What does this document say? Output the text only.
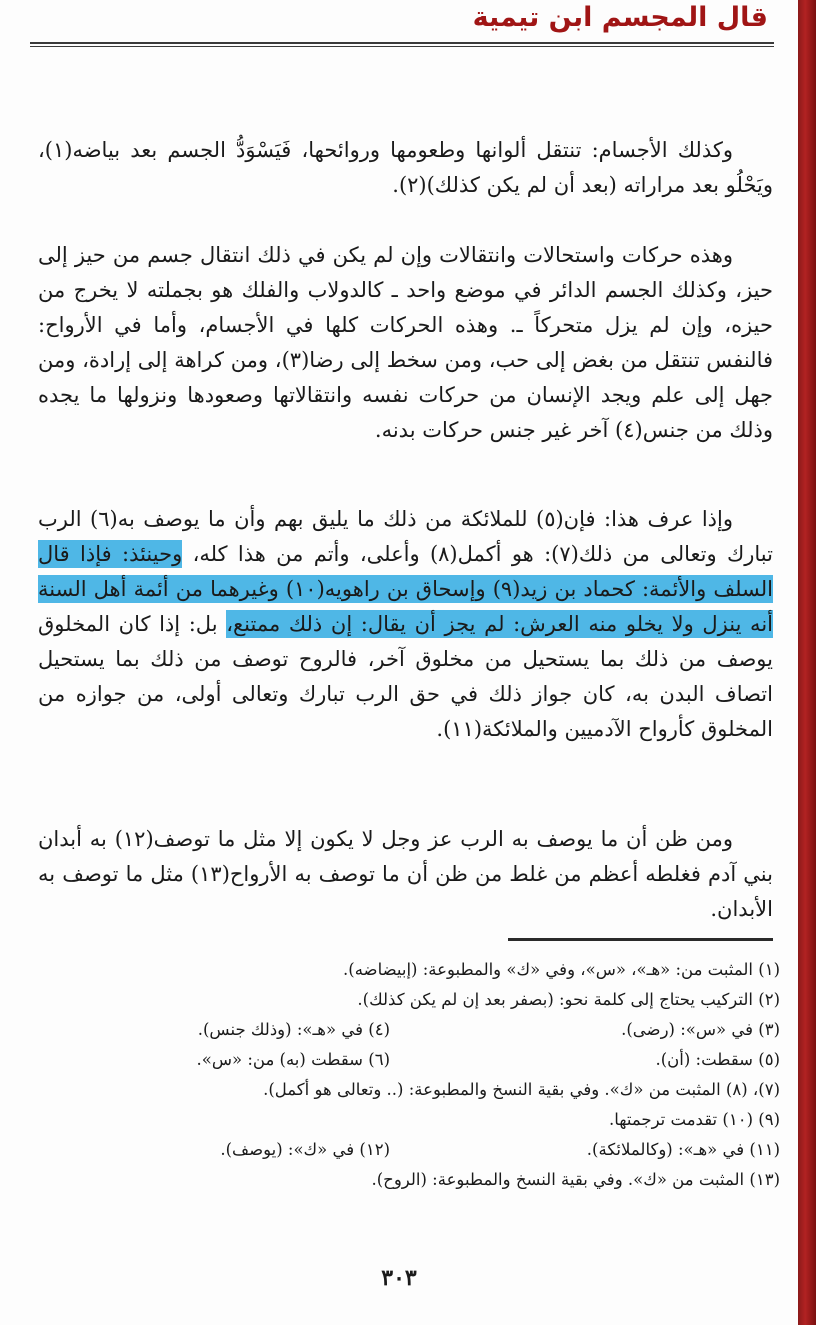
قال المجسم ابن تيمية

وكذلك الأجسام: تنتقل ألوانها وطعومها وروائحها، فَيَسْوَدُّ الجسم بعد بياضه(١)، ويَحْلُو بعد مراراته (بعد أن لم يكن كذلك)(٢).

وهذه حركات واستحالات وانتقالات وإن لم يكن في ذلك انتقال جسم من حيز إلى حيز، وكذلك الجسم الدائر في موضع واحد ـ كالدولاب والفلك هو بجملته لا يخرج من حيزه، وإن لم يزل متحركاً ـ. وهذه الحركات كلها في الأجسام، وأما في الأرواح: فالنفس تنتقل من بغض إلى حب، ومن سخط إلى رضا(٣)، ومن كراهة إلى إرادة، ومن جهل إلى علم ويجد الإنسان من حركات نفسه وانتقالاتها وصعودها ونزولها ما يجده وذلك من جنس(٤) آخر غير جنس حركات بدنه.

وإذا عرف هذا: فإن(٥) للملائكة من ذلك ما يليق بهم وأن ما يوصف به(٦) الرب تبارك وتعالى من ذلك(٧): هو أكمل(٨) وأعلى، وأتم من هذا كله، وحينئذ: فإذا قال السلف والأئمة: كحماد بن زيد(٩) وإسحاق بن راهويه(١٠) وغيرهما من أئمة أهل السنة أنه ينزل ولا يخلو منه العرش: لم يجز أن يقال: إن ذلك ممتنع، بل: إذا كان المخلوق يوصف من ذلك بما يستحيل من مخلوق آخر، فالروح توصف من ذلك بما يستحيل اتصاف البدن به، كان جواز ذلك في حق الرب تبارك وتعالى أولى، من جوازه من المخلوق كأرواح الآدميين والملائكة(١١).

ومن ظن أن ما يوصف به الرب عز وجل لا يكون إلا مثل ما توصف(١٢) به أبدان بني آدم فغلطه أعظم من غلط من ظن أن ما توصف به الأرواح(١٣) مثل ما توصف به الأبدان.

(١) المثبت من: «هـ»، «س»، وفي «ك» والمطبوعة: (إبيضاضه).
(٢) التركيب يحتاج إلى كلمة نحو: (بصفر بعد إن لم يكن كذلك).
(٣) في «س»: (رضى).
(٤) في «هـ»: (وذلك جنس).
(٥) سقطت: (أن).
(٦) سقطت (به) من: «س».
(٧)، (٨) المثبت من «ك». وفي بقية النسخ والمطبوعة: (.. وتعالى هو أكمل).
(٩) (١٠) تقدمت ترجمتها.
(١١) في «هـ»: (وكالملائكة).
(١٢) في «ك»: (يوصف).
(١٣) المثبت من «ك». وفي بقية النسخ والمطبوعة: (الروح).
٣٠٣
